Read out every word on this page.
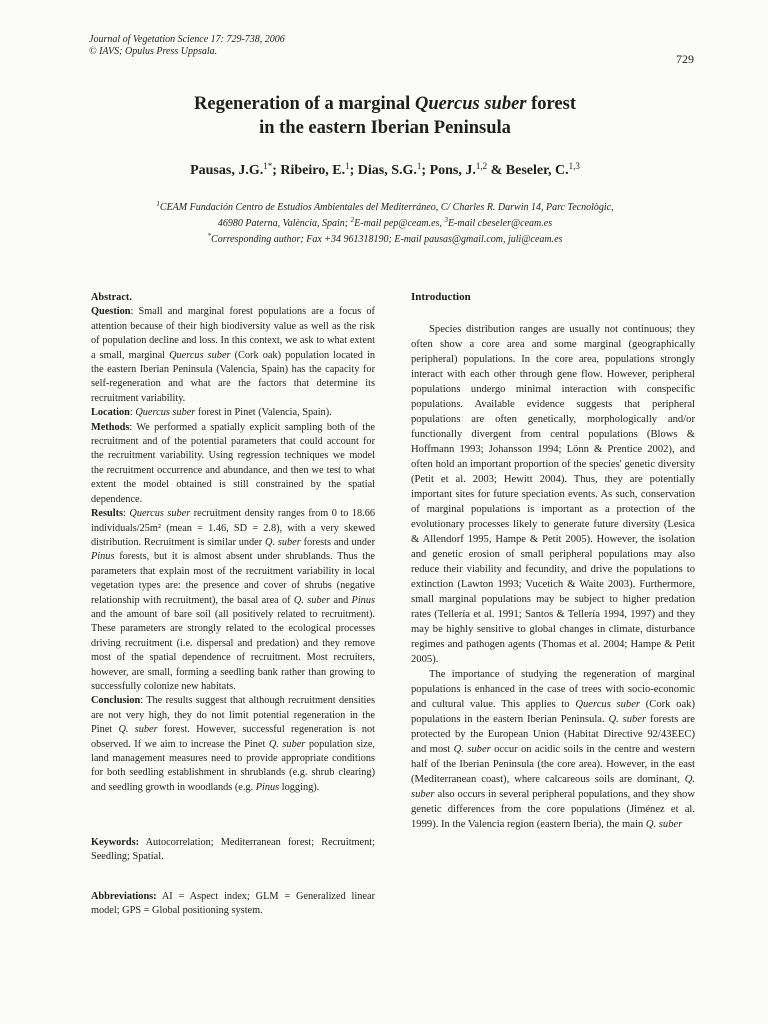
Journal of Vegetation Science 17: 729-738, 2006
© IAVS; Opulus Press Uppsala.
729
Regeneration of a marginal Quercus suber forest
in the eastern Iberian Peninsula
Pausas, J.G.$^{1*}$; Ribeiro, E.$^1$; Dias, S.G.$^1$; Pons, J.$^{1,2}$ & Beseler, C.$^{1,3}$
$^1$CEAM Fundación Centro de Estudios Ambientales del Mediterráneo, C/ Charles R. Darwin 14, Parc Tecnològic,
46980 Paterna, València, Spain; $^2$E-mail pep@ceam.es, $^3$E-mail cbeseler@ceam.es
*Corresponding author; Fax +34 961318190; E-mail pausas@gmail.com, juli@ceam.es

Abstract.

Question: Small and marginal forest populations are a focus of attention because of their high biodiversity value as well as the risk of population decline and loss. In this context, we ask to what extent a small, marginal Quercus suber (Cork oak) population located in the eastern Iberian Peninsula (Valencia, Spain) has the capacity for self-regeneration and what are the factors that determine its recruitment variability.

Location: Quercus suber forest in Pinet (Valencia, Spain).

Methods: We performed a spatially explicit sampling both of the recruitment and of the potential parameters that could account for the recruitment variability. Using regression techniques we model the recruitment occurrence and abundance, and then we test to what extent the model obtained is still constrained by the spatial dependence.

Results: Quercus suber recruitment density ranges from 0 to 18.66 individuals/25m² (mean = 1.46, SD = 2.8), with a very skewed distribution. Recruitment is similar under Q. suber forests and under Pinus forests, but it is almost absent under shrublands. Thus the parameters that explain most of the recruitment variability in local vegetation types are: the presence and cover of shrubs (negative relationship with recruitment), the basal area of Q. suber and Pinus and the amount of bare soil (all positively related to recruitment). These parameters are strongly related to the ecological processes driving recruitment (i.e. dispersal and predation) and they remove most of the spatial dependence of recruitment. Most recruiters, however, are small, forming a seedling bank rather than growing to successfully colonize new habitats.

Conclusion: The results suggest that although recruitment densities are not very high, they do not limit potential regeneration in the Pinet Q. suber forest. However, successful regeneration is not observed. If we aim to increase the Pinet Q. suber population size, land management measures need to provide appropriate conditions for both seedling establishment in shrublands (e.g. shrub clearing) and seedling growth in woodlands (e.g. Pinus logging).

Keywords: Autocorrelation; Mediterranean forest; Recruitment; Seedling; Spatial.

Abbreviations: AI = Aspect index; GLM = Generalized linear model; GPS = Global positioning system.

Introduction

Species distribution ranges are usually not continuous; they often show a core area and some marginal (geographically peripheral) populations. In the core area, populations strongly interact with each other through gene flow. However, peripheral populations undergo minimal interaction with conspecific populations. Available evidence suggests that peripheral populations are often genetically, morphologically and/or functionally divergent from central populations (Blows & Hoffmann 1993; Johansson 1994; Lönn & Prentice 2002), and often hold an important proportion of the species' genetic diversity (Petit et al. 2003; Hewitt 2004). Thus, they are potentially important sites for future speciation events. As such, conservation of marginal populations is important as a protection of the evolutionary processes likely to generate future diversity (Lesica & Allendorf 1995, Hampe & Petit 2005). However, the isolation and genetic erosion of small peripheral populations may also reduce their viability and fecundity, and drive the populations to extinction (Lawton 1993; Vucetich & Waite 2003). Furthermore, small marginal populations may be subject to higher predation rates (Tellería et al. 1991; Santos & Tellería 1994, 1997) and they may be highly sensitive to global changes in climate, disturbance regimes and pathogen agents (Thomas et al. 2004; Hampe & Petit 2005).

The importance of studying the regeneration of marginal populations is enhanced in the case of trees with socio-economic and cultural value. This applies to Quercus suber (Cork oak) populations in the eastern Iberian Peninsula. Q. suber forests are protected by the European Union (Habitat Directive 92/43EEC) and most Q. suber occur on acidic soils in the centre and western half of the Iberian Peninsula (the core area). However, in the east (Mediterranean coast), where calcareous soils are dominant, Q. suber also occurs in several peripheral populations, and they show genetic differences from the core populations (Jiménez et al. 1999). In the Valencia region (eastern Iberia), the main Q. suber
